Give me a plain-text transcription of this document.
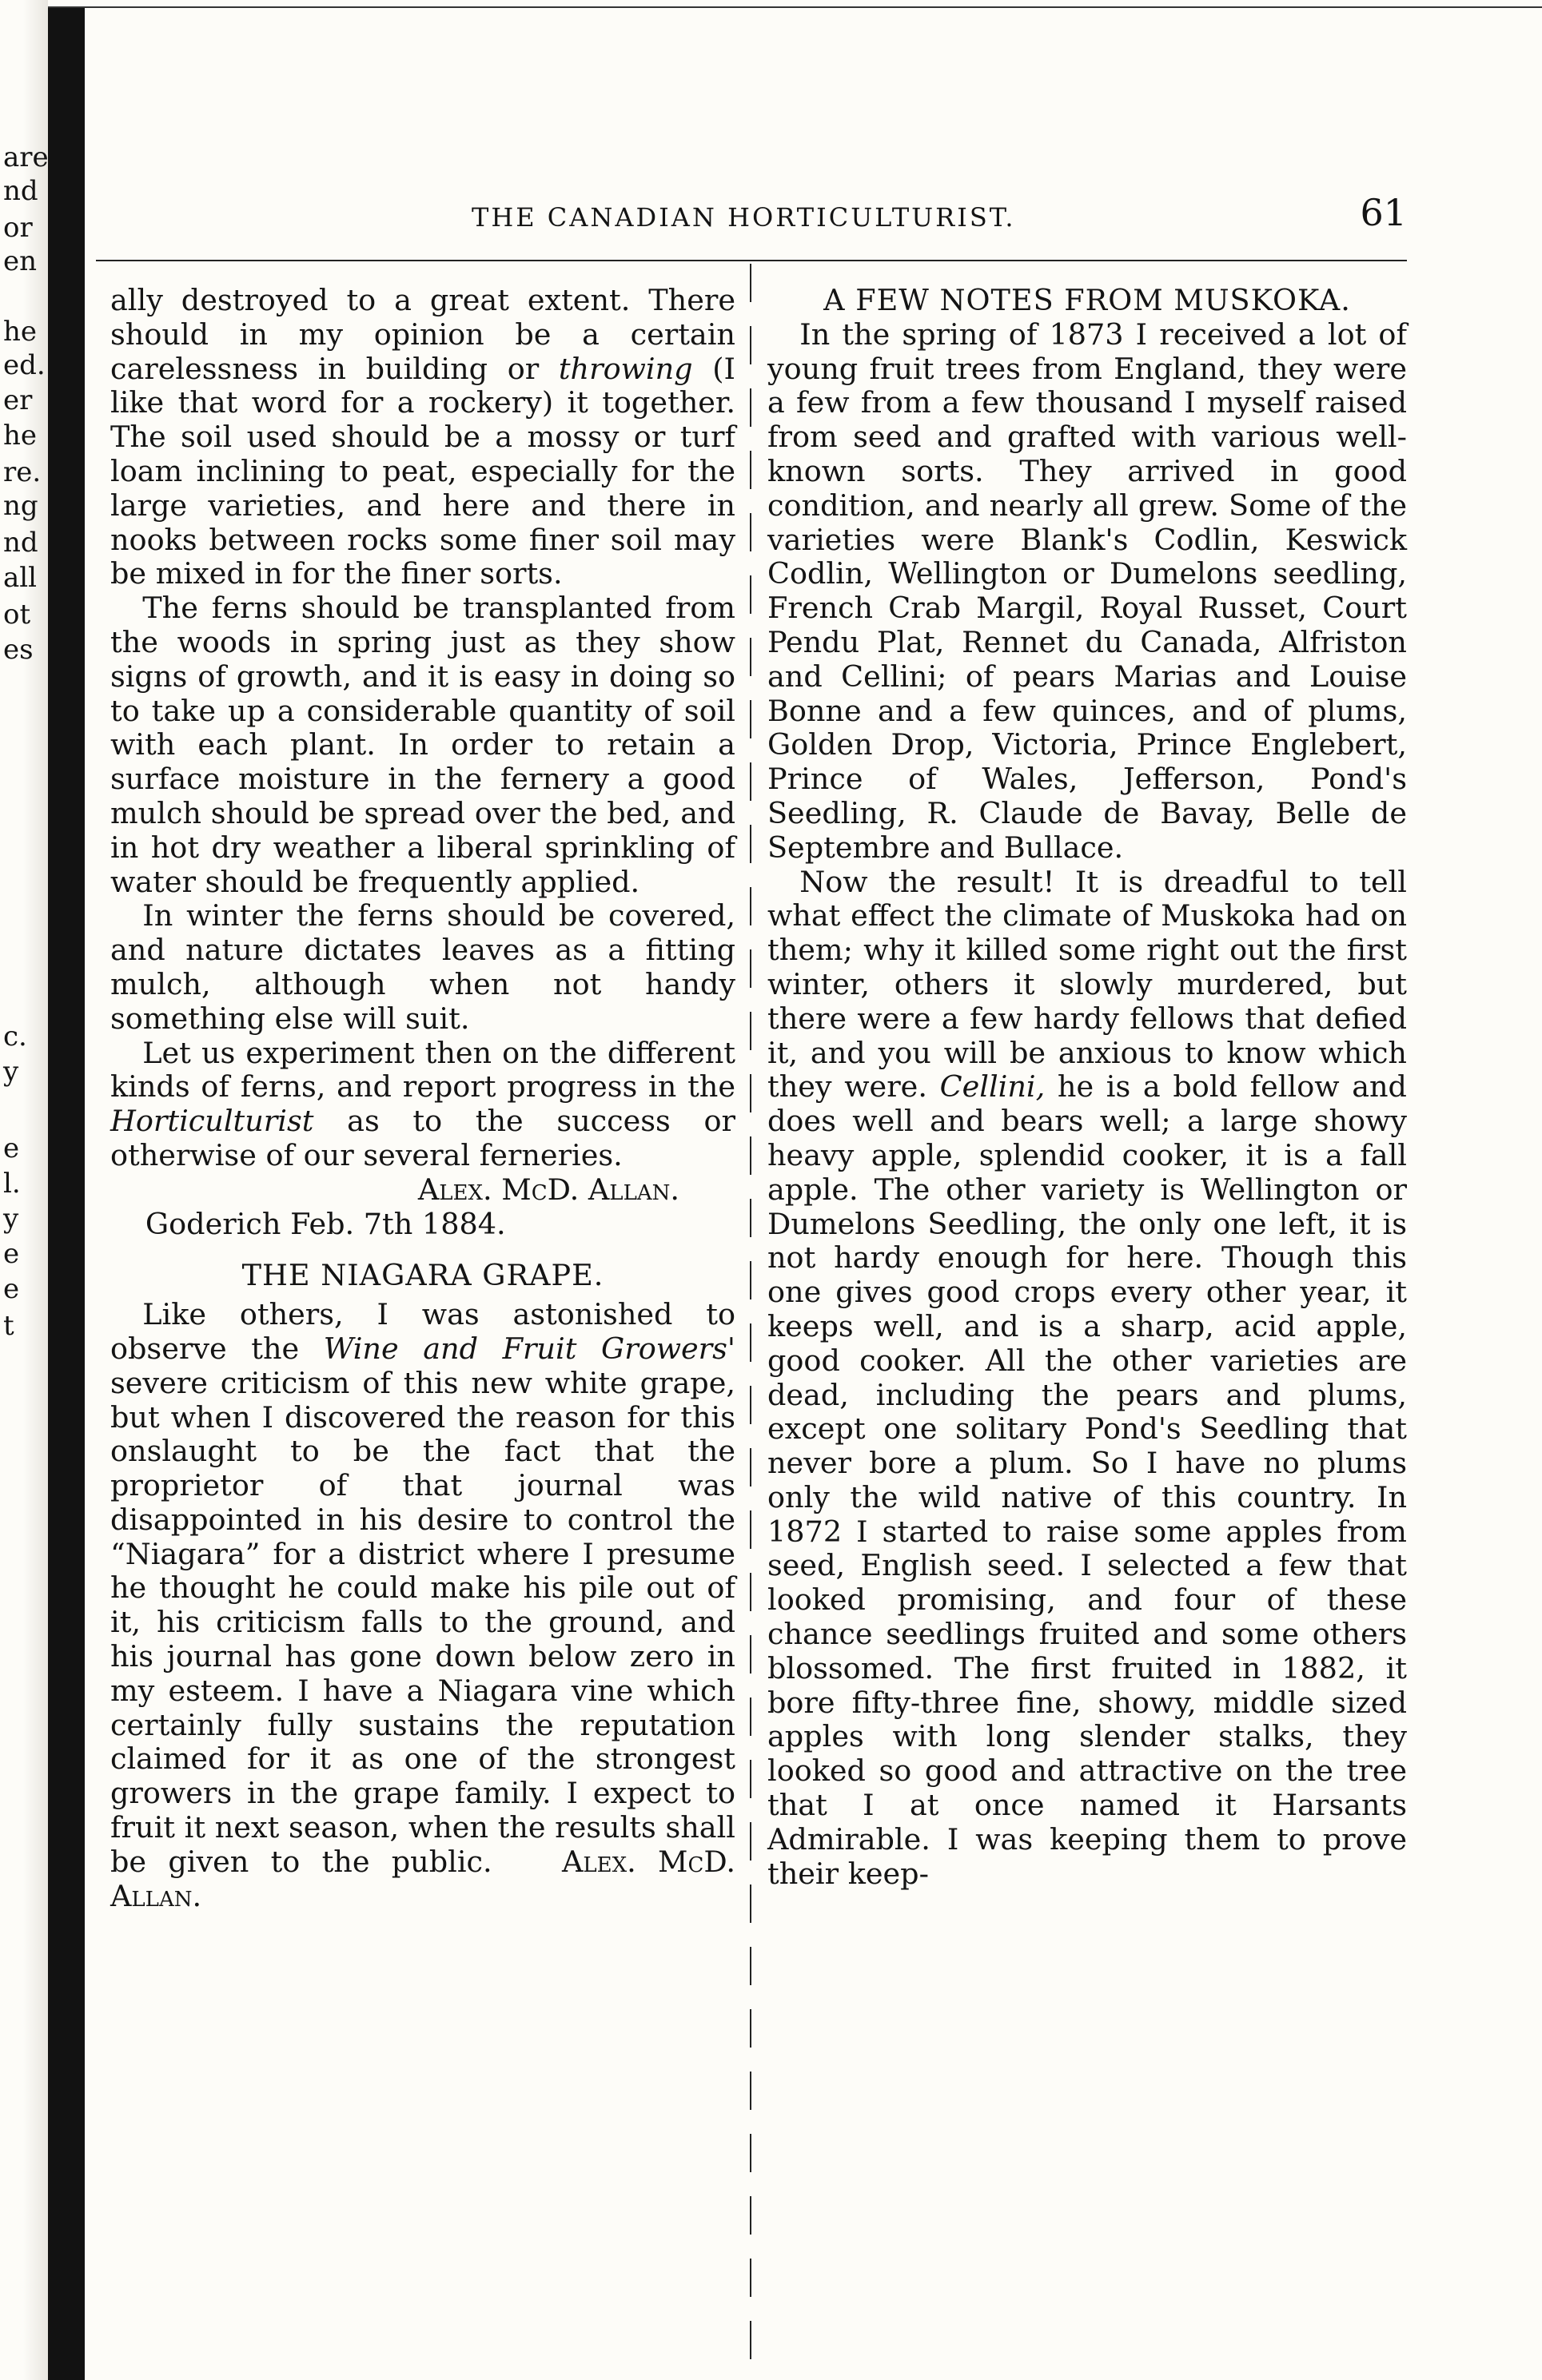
are
nd
or
en
he
ed.
er
he
re.
ng
nd
all
ot
es
c.
y
e
l.
y
e
e
t
THE CANADIAN HORTICULTURIST.	61

ally destroyed to a great extent. There should in my opinion be a certain carelessness in building or throwing (I like that word for a rockery) it together. The soil used should be a mossy or turf loam inclining to peat, especially for the large varieties, and here and there in nooks between rocks some finer soil may be mixed in for the finer sorts.

The ferns should be transplanted from the woods in spring just as they show signs of growth, and it is easy in doing so to take up a considerable quantity of soil with each plant. In order to retain a surface moisture in the fernery a good mulch should be spread over the bed, and in hot dry weather a liberal sprinkling of water should be frequently applied.

In winter the ferns should be covered, and nature dictates leaves as a fitting mulch, although when not handy something else will suit.

Let us experiment then on the different kinds of ferns, and report progress in the Horticulturist as to the success or otherwise of our several ferneries.

Alex. McD. Allan.

Goderich Feb. 7th 1884.

THE NIAGARA GRAPE.

Like others, I was astonished to observe the Wine and Fruit Growers' severe criticism of this new white grape, but when I discovered the reason for this onslaught to be the fact that the proprietor of that journal was disappointed in his desire to control the “Niagara” for a district where I presume he thought he could make his pile out of it, his criticism falls to the ground, and his journal has gone down below zero in my esteem. I have a Niagara vine which certainly fully sustains the reputation claimed for it as one of the strongest growers in the grape family. I expect to fruit it next season, when the results shall be given to the public. Alex. McD. Allan.

A FEW NOTES FROM MUSKOKA.

In the spring of 1873 I received a lot of young fruit trees from England, they were a few from a few thousand I myself raised from seed and grafted with various well-known sorts. They arrived in good condition, and nearly all grew. Some of the varieties were Blank's Codlin, Keswick Codlin, Wellington or Dumelons seedling, French Crab Margil, Royal Russet, Court Pendu Plat, Rennet du Canada, Alfriston and Cellini; of pears Marias and Louise Bonne and a few quinces, and of plums, Golden Drop, Victoria, Prince Englebert, Prince of Wales, Jefferson, Pond's Seedling, R. Claude de Bavay, Belle de Septembre and Bullace.

Now the result! It is dreadful to tell what effect the climate of Muskoka had on them; why it killed some right out the first winter, others it slowly murdered, but there were a few hardy fellows that defied it, and you will be anxious to know which they were. Cellini, he is a bold fellow and does well and bears well; a large showy heavy apple, splendid cooker, it is a fall apple. The other variety is Wellington or Dumelons Seedling, the only one left, it is not hardy enough for here. Though this one gives good crops every other year, it keeps well, and is a sharp, acid apple, good cooker. All the other varieties are dead, including the pears and plums, except one solitary Pond's Seedling that never bore a plum. So I have no plums only the wild native of this country. In 1872 I started to raise some apples from seed, English seed. I selected a few that looked promising, and four of these chance seedlings fruited and some others blossomed. The first fruited in 1882, it bore fifty-three fine, showy, middle sized apples with long slender stalks, they looked so good and attractive on the tree that I at once named it Harsants Admirable. I was keeping them to prove their keep-
